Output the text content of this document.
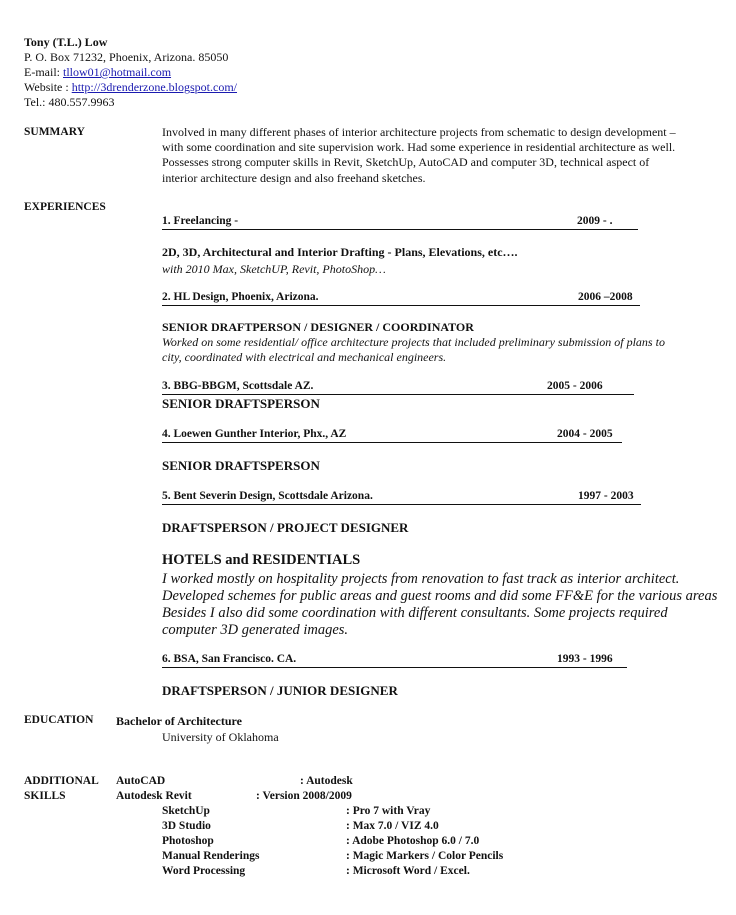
Tony (T.L.) Low
P. O. Box 71232, Phoenix, Arizona. 85050
E-mail: tllow01@hotmail.com
Website : http://3drenderzone.blogspot.com/
Tel.: 480.557.9963
SUMMARY	Involved in many different phases of interior architecture projects from schematic to design development –
with some coordination and site supervision work. Had some experience in residential architecture as well.
Possesses strong computer skills in Revit, SketchUp, AutoCAD and computer 3D, technical aspect of
interior architecture design and also freehand sketches.
EXPERIENCES
1. Freelancing -	2009 - .
2D, 3D, Architectural and Interior Drafting - Plans, Elevations, etc….
with 2010 Max, SketchUP, Revit, PhotoShop…
2. HL Design, Phoenix, Arizona.	2006 –2008
SENIOR DRAFTPERSON / DESIGNER / COORDINATOR
Worked on some residential/ office architecture projects that included preliminary submission of plans to
city, coordinated with electrical and mechanical engineers.
3. BBG-BBGM, Scottsdale AZ.	2005 - 2006
SENIOR DRAFTSPERSON
4. Loewen Gunther Interior, Phx., AZ	2004 - 2005
SENIOR DRAFTSPERSON
5. Bent Severin Design, Scottsdale Arizona.	1997 - 2003
DRAFTSPERSON / PROJECT DESIGNER
HOTELS and RESIDENTIALS
I worked mostly on hospitality projects from renovation to fast track as interior architect.
Developed schemes for public areas and guest rooms and did some FF&E for the various areas
Besides I also did some coordination with different consultants. Some projects required
computer 3D generated images.
6. BSA, San Francisco. CA.	1993 - 1996
DRAFTSPERSON / JUNIOR DESIGNER
EDUCATION Bachelor of Architecture
University of Oklahoma
ADDITIONAL
SKILLS
AutoCAD	: Autodesk
Autodesk Revit	: Version 2008/2009
SketchUp	: Pro 7 with Vray
3D Studio	: Max 7.0 / VIZ 4.0
Photoshop	: Adobe Photoshop 6.0 / 7.0
Manual Renderings	: Magic Markers / Color Pencils
Word Processing	: Microsoft Word / Excel.
